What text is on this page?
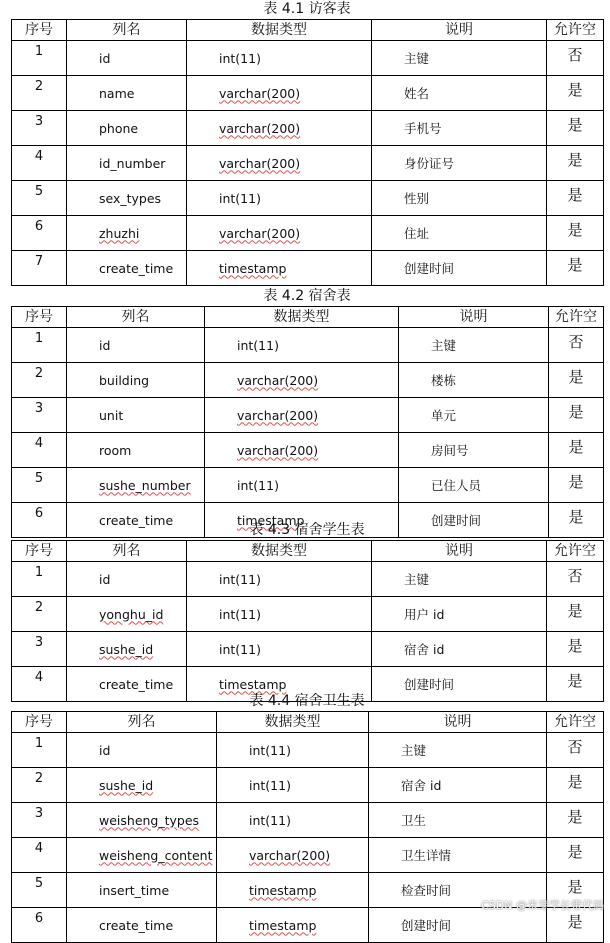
表 4.1 访客表
序号	列名	数据类型	说明	允许空
1	id	int(11)	主键	否
2	name	varchar(200)	姓名	是
3	phone	varchar(200)	手机号	是
4	id_number	varchar(200)	身份证号	是
5	sex_types	int(11)	性别	是
6	zhuzhi	varchar(200)	住址	是
7	create_time	timestamp	创建时间	是
表 4.2 宿舍表
序号	列名	数据类型	说明	允许空
1	id	int(11)	主键	否
2	building	varchar(200)	楼栋	是
3	unit	varchar(200)	单元	是
4	room	varchar(200)	房间号	是
5	sushe_number	int(11)	已住人员	是
6	create_time	timestamp	创建时间	是
表 4.3 宿舍学生表
序号	列名	数据类型	说明	允许空
1	id	int(11)	主键	否
2	yonghu_id	int(11)	用户 id	是
3	sushe_id	int(11)	宿舍 id	是
4	create_time	timestamp	创建时间	是
表 4.4 宿舍卫生表
序号	列名	数据类型	说明	允许空
1	id	int(11)	主键	否
2	sushe_id	int(11)	宿舍 id	是
3	weisheng_types	int(11)	卫生	是
4	weisheng_content	varchar(200)	卫生详情	是
5	insert_time	timestamp	检查时间	是
6	create_time	timestamp	创建时间	是
CSDN @米芽学长带代码
